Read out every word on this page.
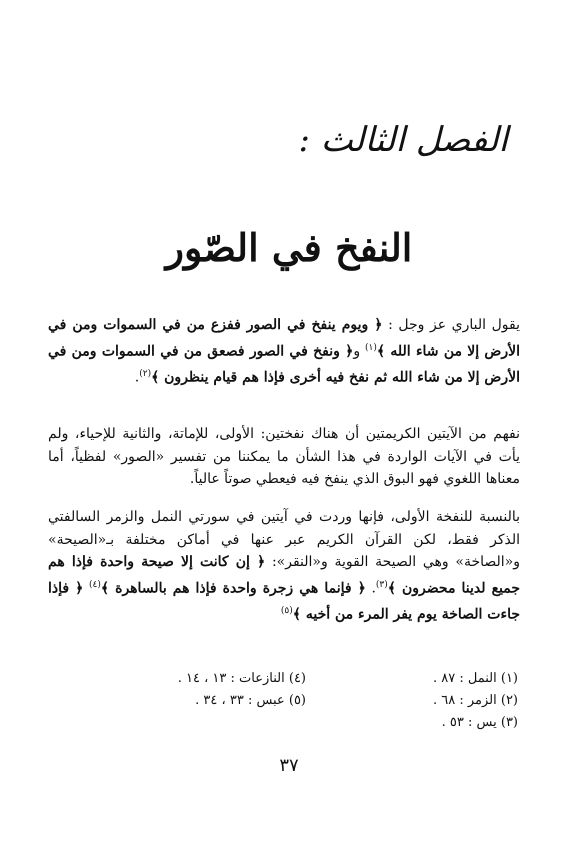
الفصل الثالث :
النفخ في الصّور
يقول الباري عز وجل : ﴿ ويوم ينفخ في الصور ففزع من في السموات ومن في الأرض إلا من شاء الله ﴾$^{(١)}$ و﴿ ونفخ في الصور فصعق من في السموات ومن في الأرض إلا من شاء الله ثم نفخ فيه أخرى فإذا هم قيام ينظرون ﴾$^{(٢)}$.
نفهم من الآيتين الكريمتين أن هناك نفختين: الأولى، للإماتة، والثانية للإحياء، ولم يأت في الآيات الواردة في هذا الشأن ما يمكننا من تفسير «الصور» لفظياً، أما معناها اللغوي فهو البوق الذي ينفخ فيه فيعطي صوتاً عالياً.
بالنسبة للنفخة الأولى، فإنها وردت في آيتين في سورتي النمل والزمر السالفتي الذكر فقط، لكن القرآن الكريم عبر عنها في أماكن مختلفة بـ«الصيحة» و«الصاخة» وهي الصيحة القوية و«النقر»: ﴿ إن كانت إلا صيحة واحدة فإذا هم جميع لدينا محضرون ﴾$^{(٣)}$. ﴿ فإنما هي زجرة واحدة فإذا هم بالساهرة ﴾$^{(٤)}$ ﴿ فإذا جاءت الصاخة يوم يفر المرء من أخيه ﴾$^{(٥)}$
(١) النمل : ٨٧ .
(٢) الزمر : ٦٨ .
(٣) يس : ٥٣ .
(٤) النازعات : ١٣ ، ١٤ .
(٥) عبس : ٣٣ ، ٣٤ .
٣٧
